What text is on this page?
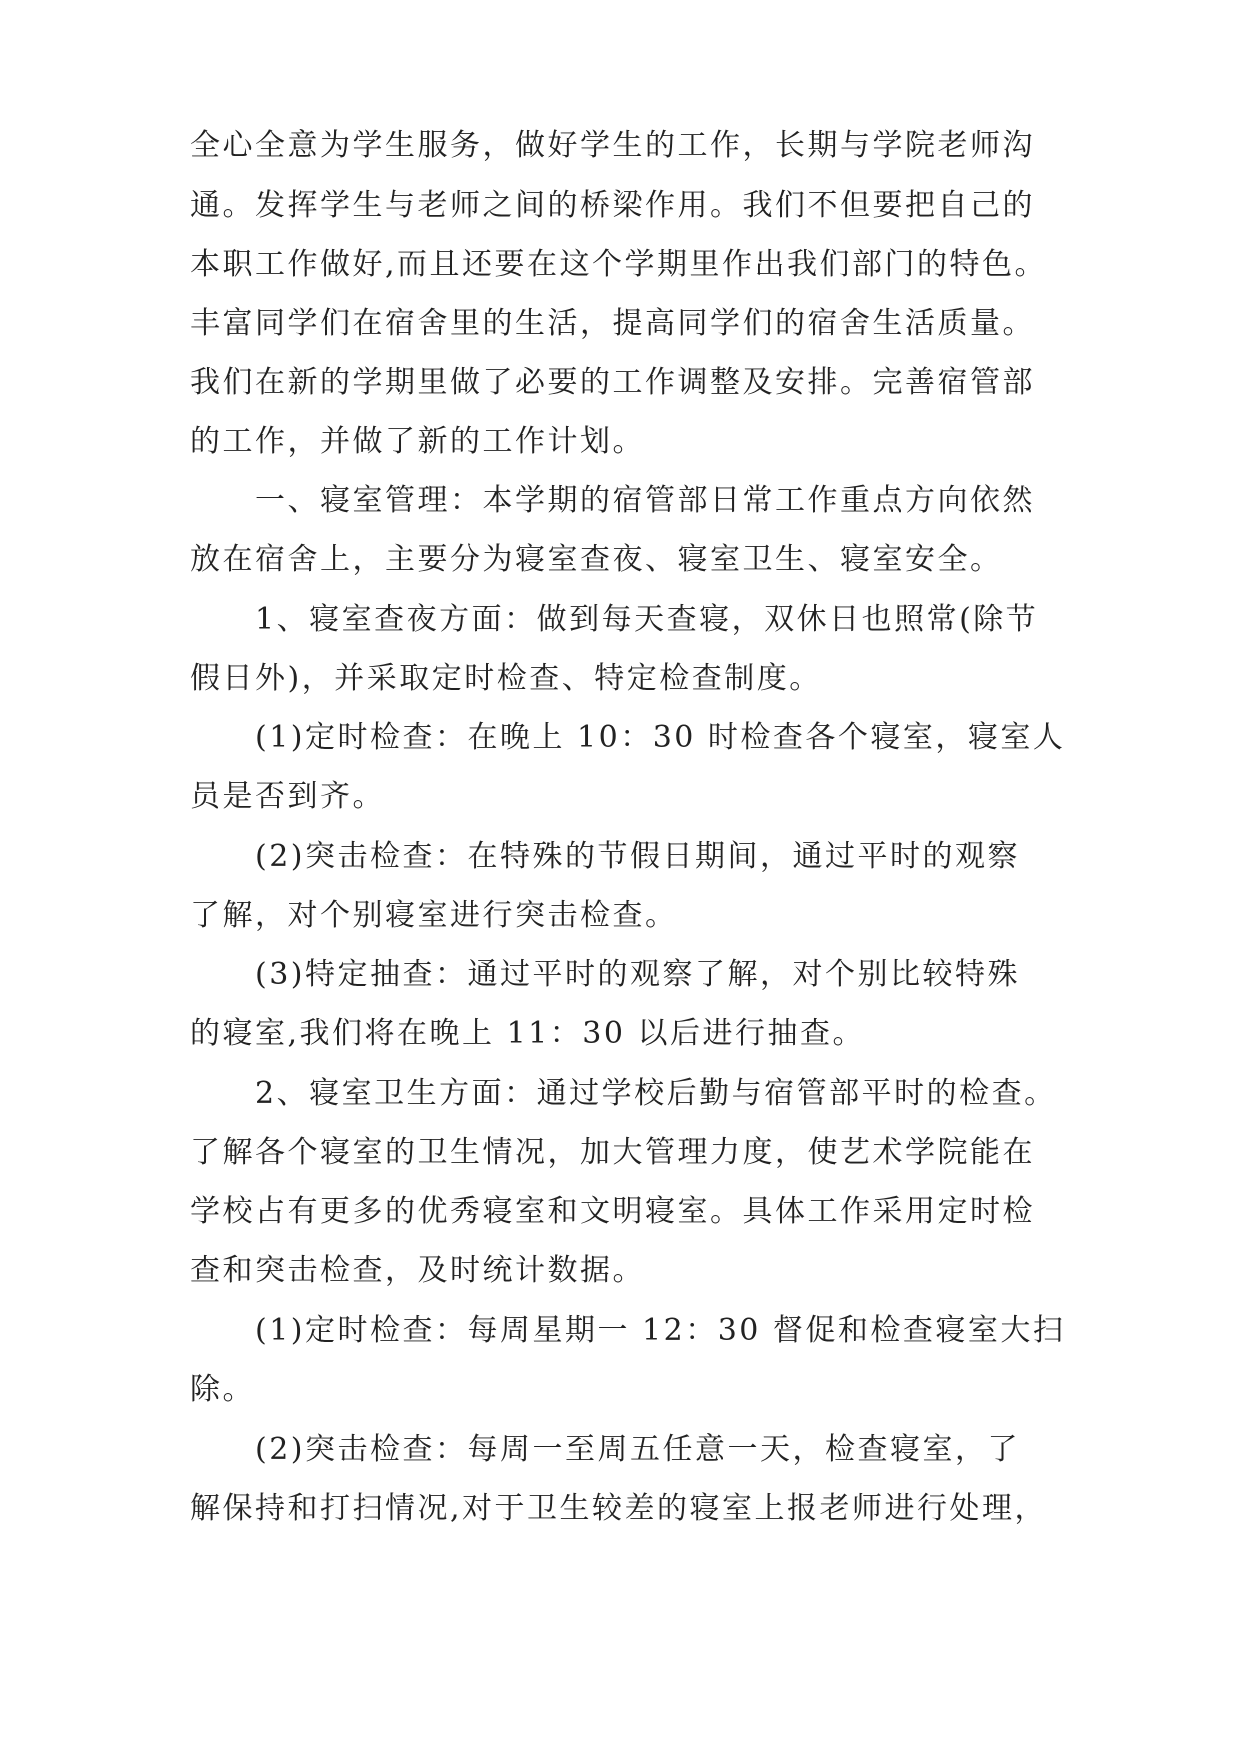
全心全意为学生服务，做好学生的工作，长期与学院老师沟
通。发挥学生与老师之间的桥梁作用。我们不但要把自己的
本职工作做好,而且还要在这个学期里作出我们部门的特色。
丰富同学们在宿舍里的生活，提高同学们的宿舍生活质量。
我们在新的学期里做了必要的工作调整及安排。完善宿管部
的工作，并做了新的工作计划。
一、寝室管理：本学期的宿管部日常工作重点方向依然
放在宿舍上，主要分为寝室查夜、寝室卫生、寝室安全。
1、寝室查夜方面：做到每天查寝，双休日也照常(除节
假日外)，并采取定时检查、特定检查制度。
(1)定时检查：在晚上 10：30 时检查各个寝室，寝室人
员是否到齐。
(2)突击检查：在特殊的节假日期间，通过平时的观察
了解，对个别寝室进行突击检查。
(3)特定抽查：通过平时的观察了解，对个别比较特殊
的寝室,我们将在晚上 11：30 以后进行抽查。
2、寝室卫生方面：通过学校后勤与宿管部平时的检查。
了解各个寝室的卫生情况，加大管理力度，使艺术学院能在
学校占有更多的优秀寝室和文明寝室。具体工作采用定时检
查和突击检查，及时统计数据。
(1)定时检查：每周星期一 12：30 督促和检查寝室大扫
除。
(2)突击检查：每周一至周五任意一天，检查寝室，了
解保持和打扫情况,对于卫生较差的寝室上报老师进行处理，
